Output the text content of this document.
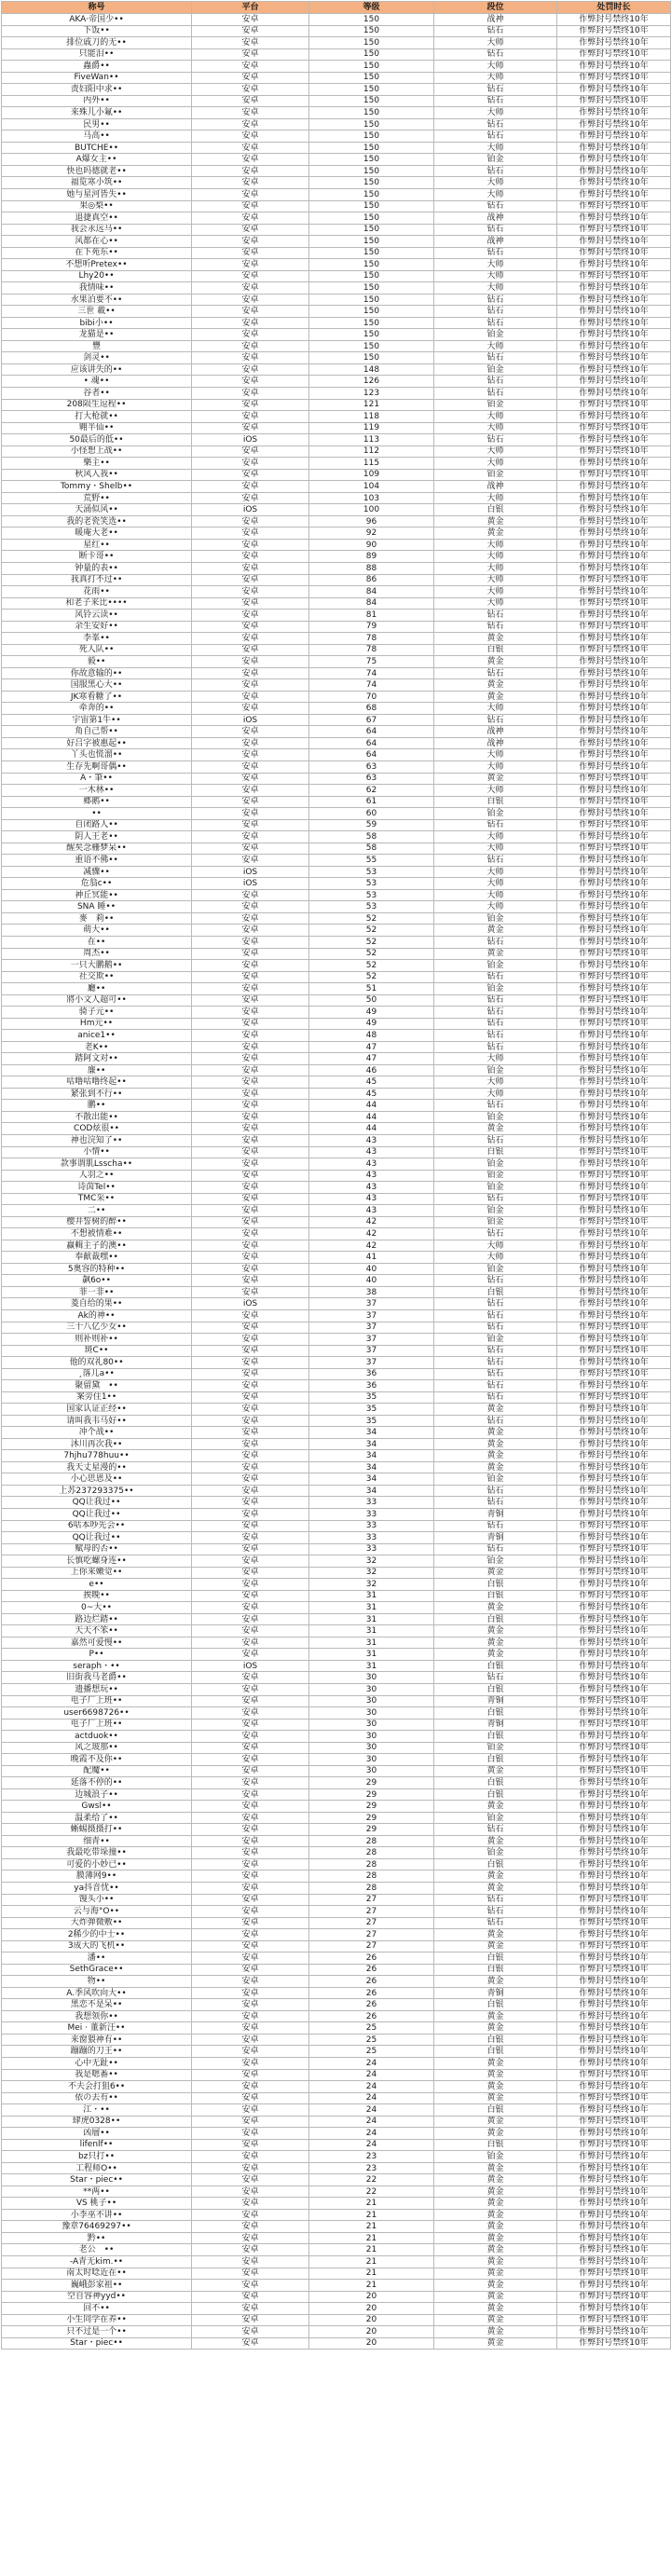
称号	平台	等级	段位	处罚时长
AKA·帝国少••	安卓	150	战神	作弊封号禁终10年
下饭••	安卓	150	钻石	作弊封号禁终10年
排位戚刀的无••	安卓	150	大师	作弊封号禁终10年
只能泪••	安卓	150	钻石	作弊封号禁终10年
蟲爵••	安卓	150	大师	作弊封号禁终10年
FiveWan••	安卓	150	大师	作弊封号禁终10年
责妇阳中求••	安卓	150	钻石	作弊封号禁终10年
内外••	安卓	150	钻石	作弊封号禁终10年
来殊儿小氟••	安卓	150	大师	作弊封号禁终10年
民男••	安卓	150	钻石	作弊封号禁终10年
马高••	安卓	150	钻石	作弊封号禁终10年
BUTCHE••	安卓	150	大师	作弊封号禁终10年
A爆女主••	安卓	150	铂金	作弊封号禁终10年
快也吗德就老••	安卓	150	钻石	作弊封号禁终10年
福览寒小筑••	安卓	150	大师	作弊封号禁终10年
她与星河皆失••	安卓	150	大师	作弊封号禁终10年
果◎梨••	安卓	150	钻石	作弊封号禁终10年
退捷真空••	安卓	150	战神	作弊封号禁终10年
我会永远马••	安卓	150	钻石	作弊封号禁终10年
风都在心••	安卓	150	战神	作弊封号禁终10年
在下苑东••	安卓	150	钻石	作弊封号禁终10年
不想听Pretex••	安卓	150	大师	作弊封号禁终10年
Lhy20••	安卓	150	大师	作弊封号禁终10年
我情味••	安卓	150	大师	作弊封号禁终10年
水果泊要不••	安卓	150	钻石	作弊封号禁终10年
三世 載••	安卓	150	钻石	作弊封号禁终10年
bibi小••	安卓	150	钻石	作弊封号禁终10年
龙猫是••	安卓	150	铂金	作弊封号禁终10年
豐	安卓	150	大师	作弊封号禁终10年
剑灵••	安卓	150	钻石	作弊封号禁终10年
应该讲失的••	安卓	148	铂金	作弊封号禁终10年
• 魂••	安卓	126	钻石	作弊封号禁终10年
谷者••	安卓	123	钻石	作弊封号禁终10年
208陨生逗程••	安卓	121	铂金	作弊封号禁终10年
打大枪就••	安卓	118	大师	作弊封号禁终10年
翱半仙••	安卓	119	大师	作弊封号禁终10年
50最后的低••	iOS	113	钻石	作弊封号禁终10年
小怪想上战••	安卓	112	大师	作弊封号禁终10年
樂主••	安卓	115	大师	作弊封号禁终10年
秋风入我••	安卓	109	铂金	作弊封号禁终10年
Tommy・Shelb••	安卓	104	战神	作弊封号禁终10年
荒野••	安卓	103	大师	作弊封号禁终10年
天涌似风••	iOS	100	白银	作弊封号禁终10年
我的老瓷笑选••	安卓	96	黄金	作弊封号禁终10年
暖庵大老••	安卓	92	黄金	作弊封号禁终10年
星红••	安卓	90	大师	作弊封号禁终10年
断卡哥••	安卓	89	大师	作弊封号禁终10年
钟量的表••	安卓	88	大师	作弊封号禁终10年
我真打不过••	安卓	86	大师	作弊封号禁终10年
花雨••	安卓	84	大师	作弊封号禁终10年
和老子来比••••	安卓	84	大师	作弊封号禁终10年
风铃云读••	安卓	81	钻石	作弊封号禁终10年
余生安好••	安卓	79	钻石	作弊封号禁终10年
李峯••	安卓	78	黄金	作弊封号禁终10年
死人队••	安卓	78	白银	作弊封号禁终10年
毅••	安卓	75	黄金	作弊封号禁终10年
你故意输的••	安卓	74	钻石	作弊封号禁终10年
国服黑心大••	安卓	74	黄金	作弊封号禁终10年
JK寒看糖了••	安卓	70	黄金	作弊封号禁终10年
牵奔的••	安卓	68	大师	作弊封号禁终10年
宇宙第1牛••	iOS	67	钻石	作弊封号禁终10年
角自己帮••	安卓	64	战神	作弊封号禁终10年
好吕字被惠起••	安卓	64	战神	作弊封号禁终10年
丫头也慌溜••	安卓	64	大师	作弊封号禁终10年
生存先啊哥偶••	安卓	63	大师	作弊封号禁终10年
A・筆••	安卓	63	黄金	作弊封号禁终10年
一木林••	安卓	62	大师	作弊封号禁终10年
郷鹅••	安卓	61	白银	作弊封号禁终10年
••	安卓	60	铂金	作弊封号禁终10年
自闭路人••	安卓	59	钻石	作弊封号禁终10年
阴人王老••	安卓	58	大师	作弊封号禁终10年
醒矣念栅梦呆••	安卓	58	大师	作弊封号禁终10年
重语不佛••	安卓	55	钻石	作弊封号禁终10年
减骤••	iOS	53	大师	作弊封号禁终10年
危翁c••	iOS	53	大师	作弊封号禁终10年
神丘冥能••	安卓	53	大师	作弊封号禁终10年
SNA 睡••	安卓	53	大师	作弊封号禁终10年
麥　莉••	安卓	52	铂金	作弊封号禁终10年
萌大••	安卓	52	黄金	作弊封号禁终10年
在••	安卓	52	钻石	作弊封号禁终10年
周杰••	安卓	52	黄金	作弊封号禁终10年
一只大鹏鹅••	安卓	52	铂金	作弊封号禁终10年
社交欺••	安卓	52	钻石	作弊封号禁终10年
廳••	安卓	51	铂金	作弊封号禁终10年
將小文人超可••	安卓	50	钻石	作弊封号禁终10年
骑子元••	安卓	49	钻石	作弊封号禁终10年
Hm元••	安卓	49	钻石	作弊封号禁终10年
anice1••	安卓	48	钻石	作弊封号禁终10年
老K••	安卓	47	钻石	作弊封号禁终10年
踏阿文对••	安卓	47	大师	作弊封号禁终10年
廉••	安卓	46	铂金	作弊封号禁终10年
咕噜咕噜终起••	安卓	45	大师	作弊封号禁终10年
紧张到不行••	安卓	45	大师	作弊封号禁终10年
鹏••	安卓	44	钻石	作弊封号禁终10年
不散出能••	安卓	44	铂金	作弊封号禁终10年
COD炫很••	安卓	44	黄金	作弊封号禁终10年
神也浣知了••	安卓	43	钻石	作弊封号禁终10年
小情••	安卓	43	白银	作弊封号禁终10年
款事谓肌Lsscha••	安卓	43	铂金	作弊封号禁终10年
人羽之••	安卓	43	铂金	作弊封号禁终10年
诗茵Tel••	安卓	43	铂金	作弊封号禁终10年
TMC采••	安卓	43	钻石	作弊封号禁终10年
二••	安卓	43	铂金	作弊封号禁终10年
樱井誓树的醉••	安卓	42	铂金	作弊封号禁终10年
不想被情难••	安卓	42	钻石	作弊封号禁终10年
赢輯主子的澳••	安卓	42	大师	作弊封号禁终10年
奉献裁嘿••	安卓	41	大师	作弊封号禁终10年
5奥容的特种••	安卓	40	铂金	作弊封号禁终10年
飙6o••	安卓	40	钻石	作弊封号禁终10年
菲一非••	安卓	38	白银	作弊封号禁终10年
菱自给的果••	iOS	37	钻石	作弊封号禁终10年
Ak的神••	安卓	37	钻石	作弊封号禁终10年
三十八亿少女••	安卓	37	钻石	作弊封号禁终10年
则补则补••	安卓	37	铂金	作弊封号禁终10年
斑C••	安卓	37	钻石	作弊封号禁终10年
他的双礼80••	安卓	37	钻石	作弊封号禁终10年
¸落儿a••	安卓	36	钻石	作弊封号禁终10年
聚留黛　••	安卓	36	钻石	作弊封号禁终10年
案旁住1••	安卓	35	钻石	作弊封号禁终10年
国家认证正经••	安卓	35	黄金	作弊封号禁终10年
请叫我韦马好••	安卓	35	钻石	作弊封号禁终10年
冲个战••	安卓	34	黄金	作弊封号禁终10年
沐川再次我••	安卓	34	黄金	作弊封号禁终10年
7hjhu778huu••	安卓	34	黄金	作弊封号禁终10年
我天丈星漫的••	安卓	34	黄金	作弊封号禁终10年
小心思恩及••	安卓	34	铂金	作弊封号禁终10年
上苏237293375••	安卓	34	钻石	作弊封号禁终10年
QQ让我过••	安卓	33	钻石	作弊封号禁终10年
QQ让我过••	安卓	33	青铜	作弊封号禁终10年
6咕本吵先会••	安卓	33	钻石	作弊封号禁终10年
QQ让我过••	安卓	33	青铜	作弊封号禁终10年
赋母的否••	安卓	33	钻石	作弊封号禁终10年
长慎吃螺身连••	安卓	32	铂金	作弊封号禁终10年
上你来嫩觉••	安卓	32	黄金	作弊封号禁终10年
e••	安卓	32	白银	作弊封号禁终10年
挨晚••	安卓	31	白银	作弊封号禁终10年
0~大••	安卓	31	黄金	作弊封号禁终10年
路边烂踏••	安卓	31	白银	作弊封号禁终10年
天天不笨••	安卓	31	黄金	作弊封号禁终10年
嘉然可爱慢••	安卓	31	黄金	作弊封号禁终10年
P••	安卓	31	黄金	作弊封号禁终10年
seraph・••	iOS	31	白银	作弊封号禁终10年
旧街我马老爵••	安卓	30	钻石	作弊封号禁终10年
遗播想玩••	安卓	30	白银	作弊封号禁终10年
电子厂上班••	安卓	30	青铜	作弊封号禁终10年
user6698726••	安卓	30	白银	作弊封号禁终10年
电子厂上班••	安卓	30	青铜	作弊封号禁终10年
actduok••	安卓	30	白银	作弊封号禁终10年
风之玻那••	安卓	30	铂金	作弊封号禁终10年
晚霞不及你••	安卓	30	白银	作弊封号禁终10年
配魔••	安卓	30	黄金	作弊封号禁终10年
延落不停的••	安卓	29	白银	作弊封号禁终10年
边城浪子••	安卓	29	白银	作弊封号禁终10年
Gwsl••	安卓	29	黄金	作弊封号禁终10年
温柔给了••	安卓	29	铂金	作弊封号禁终10年
蜥蜴摄摄打••	安卓	29	钻石	作弊封号禁终10年
细青••	安卓	28	黄金	作弊封号禁终10年
我最吃带垛撞••	安卓	28	铂金	作弊封号禁终10年
可爱的小妙已••	安卓	28	白银	作弊封号禁终10年
膜薄网9••	安卓	28	黄金	作弊封号禁终10年
ya抖音忧••	安卓	28	黄金	作弊封号禁终10年
馒头小••	安卓	27	钻石	作弊封号禁终10年
云与海°O••	安卓	27	钻石	作弊封号禁终10年
大炸弹微敷••	安卓	27	钻石	作弊封号禁终10年
2稀少的中士••	安卓	27	黄金	作弊封号禁终10年
3成大的飞机••	安卓	27	黄金	作弊封号禁终10年
潘••	安卓	26	白银	作弊封号禁终10年
SethGrace••	安卓	26	白银	作弊封号禁终10年
物••	安卓	26	黄金	作弊封号禁终10年
A.季风吹向大••	安卓	26	青铜	作弊封号禁终10年
黑恋不是呆••	安卓	26	白银	作弊封号禁终10年
我想领你••	安卓	26	黄金	作弊封号禁终10年
Mei · 董新汪••	安卓	25	黄金	作弊封号禁终10年
来窗猥神有••	安卓	25	白银	作弊封号禁终10年
蹦蹦的刀王••	安卓	25	白银	作弊封号禁终10年
心中无趾••	安卓	24	黄金	作弊封号禁终10年
我是嗯番••	安卓	24	黄金	作弊封号禁终10年
不夫会打狙6••	安卓	24	黄金	作弊封号禁终10年
依の去有••	安卓	24	黄金	作弊封号禁终10年
江・••	安卓	24	白银	作弊封号禁终10年
肆虎0328••	安卓	24	黄金	作弊封号禁终10年
凶層••	安卓	24	黄金	作弊封号禁终10年
lifenlf••	安卓	24	白银	作弊封号禁终10年
bz只打••	安卓	23	铂金	作弊封号禁终10年
工程师O••	安卓	23	黄金	作弊封号禁终10年
Star・piec••	安卓	22	黄金	作弊封号禁终10年
**两••	安卓	22	黄金	作弊封号禁终10年
VS 桃子••	安卓	21	黄金	作弊封号禁终10年
小李巫不讲••	安卓	21	黄金	作弊封号禁终10年
豫章76469297••	安卓	21	黄金	作弊封号禁终10年
黔••	安卓	21	黄金	作弊封号禁终10年
老公　••	安卓	21	黄金	作弊封号禁终10年
-A青无kim.••	安卓	21	黄金	作弊封号禁终10年
南太时唸近在••	安卓	21	黄金	作弊封号禁终10年
巍峨彭家祖••	安卓	21	黄金	作弊封号禁终10年
空自容神yyd••	安卓	20	黄金	作弊封号禁终10年
回不••	安卓	20	黄金	作弊封号禁终10年
小生同学在养••	安卓	20	黄金	作弊封号禁终10年
只不过是一个••	安卓	20	黄金	作弊封号禁终10年
Star・piec••	安卓	20	黄金	作弊封号禁终10年
